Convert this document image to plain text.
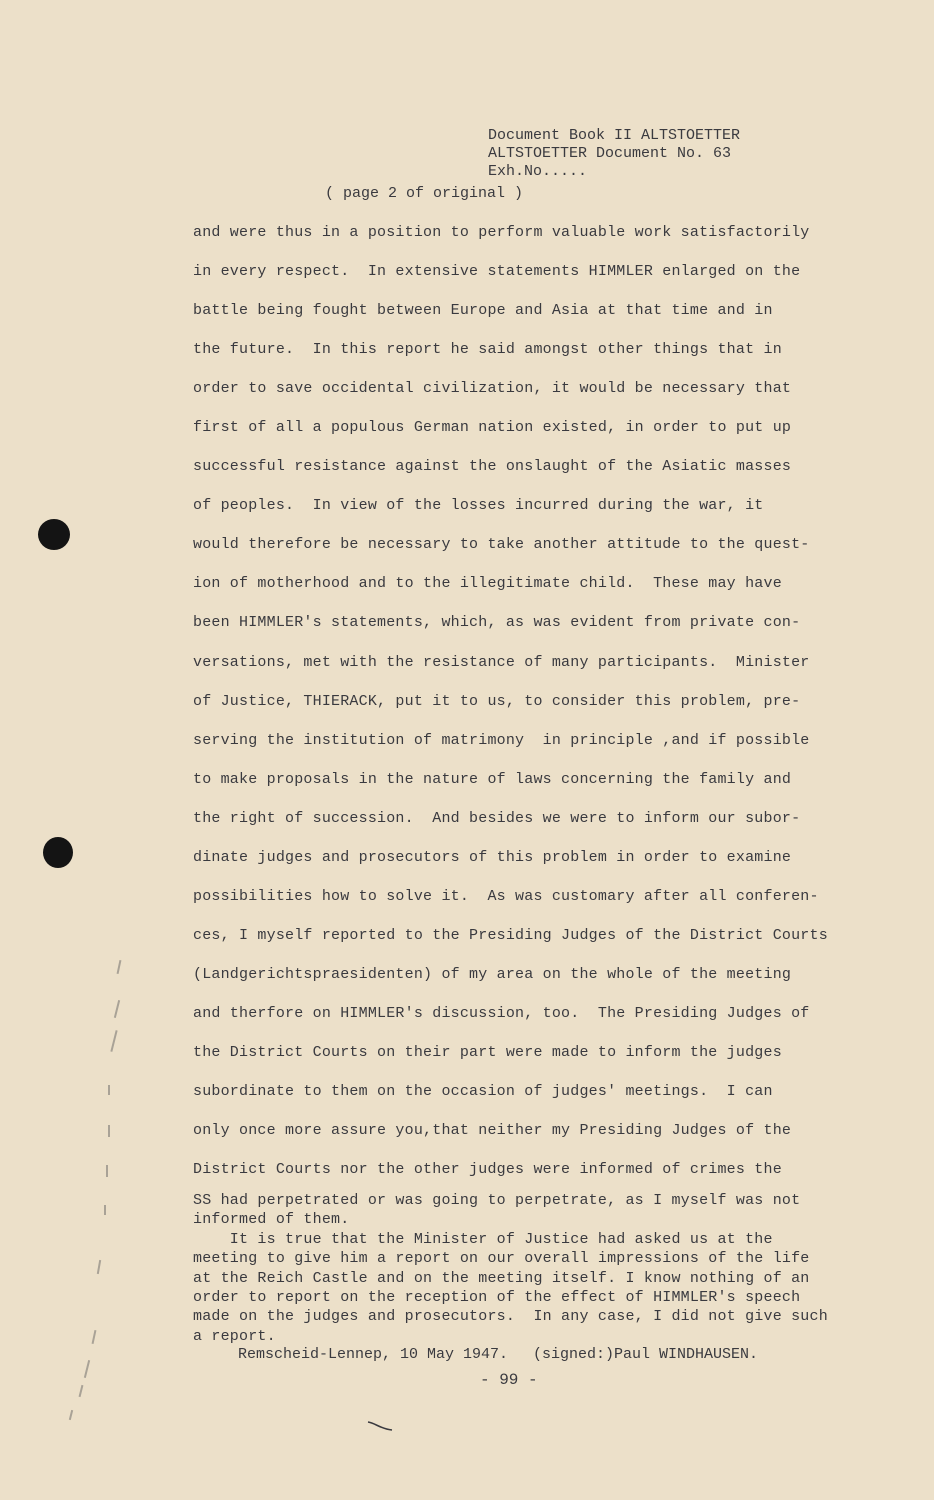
Document Book II ALTSTOETTER
ALTSTOETTER Document No. 63
Exh.No.....
( page 2 of original )
and were thus in a position to perform valuable work satisfactorily
in every respect.  In extensive statements HIMMLER enlarged on the
battle being fought between Europe and Asia at that time and in
the future.  In this report he said amongst other things that in
order to save occidental civilization, it would be necessary that
first of all a populous German nation existed, in order to put up
successful resistance against the onslaught of the Asiatic masses
of peoples.  In view of the losses incurred during the war, it
would therefore be necessary to take another attitude to the quest-
ion of motherhood and to the illegitimate child.  These may have
been HIMMLER's statements, which, as was evident from private con-
versations, met with the resistance of many participants.  Minister
of Justice, THIERACK, put it to us, to consider this problem, pre-
serving the institution of matrimony  in principle ,and if possible
to make proposals in the nature of laws concerning the family and
the right of succession.  And besides we were to inform our subor-
dinate judges and prosecutors of this problem in order to examine
possibilities how to solve it.  As was customary after all conferen-
ces, I myself reported to the Presiding Judges of the District Courts
(Landgerichtspraesidenten) of my area on the whole of the meeting
and therfore on HIMMLER's discussion, too.  The Presiding Judges of
the District Courts on their part were made to inform the judges
subordinate to them on the occasion of judges' meetings.  I can
only once more assure you,that neither my Presiding Judges of the
District Courts nor the other judges were informed of crimes the
SS had perpetrated or was going to perpetrate, as I myself was not
informed of them.
It is true that the Minister of Justice had asked us at the
meeting to give him a report on our overall impressions of the life
at the Reich Castle and on the meeting itself. I know nothing of an
order to report on the reception of the effect of HIMMLER's speech
made on the judges and prosecutors.  In any case, I did not give such
a report.
Remscheid-Lennep, 10 May 1947. (signed:)Paul WINDHAUSEN.
- 99 -
